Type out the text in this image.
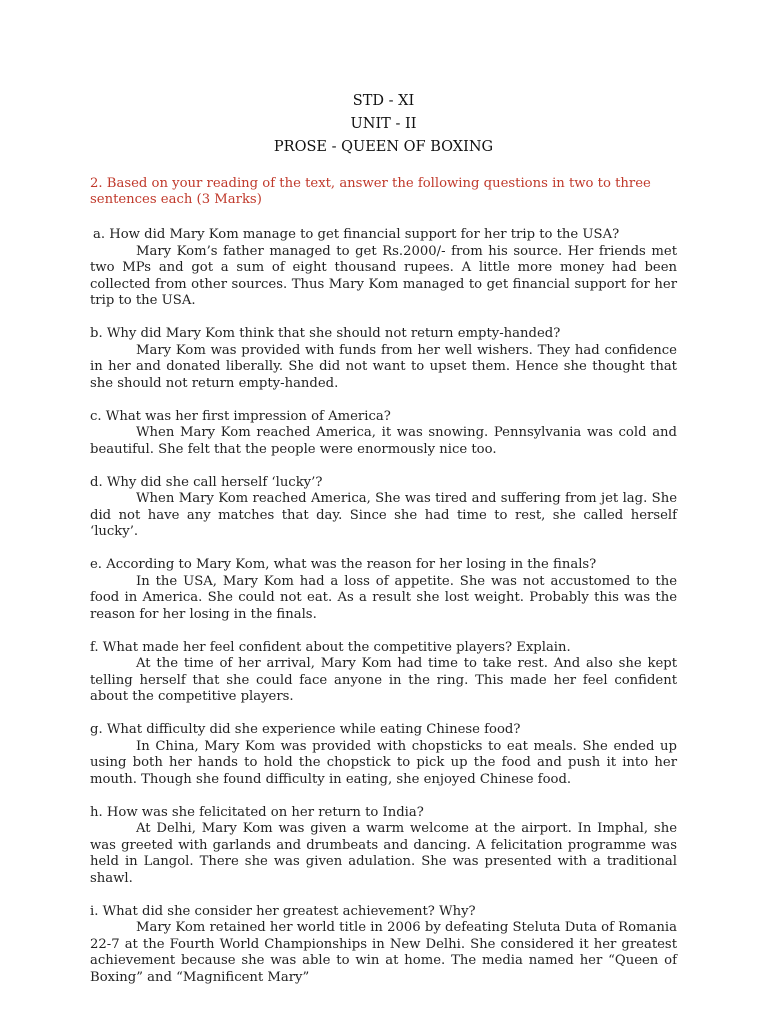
STD - XI
UNIT - II
PROSE - QUEEN OF BOXING
2. Based on your reading of the text, answer the following questions in two to three sentences each (3 Marks)
a. How did Mary Kom manage to get financial support for her trip to the USA?
Mary Kom’s father managed to get Rs.2000/- from his source. Her friends met two MPs and got a sum of eight thousand rupees. A little more money had been collected from other sources. Thus Mary Kom managed to get financial support for her trip to the USA.
b. Why did Mary Kom think that she should not return empty-handed?
Mary Kom was provided with funds from her well wishers. They had confidence in her and donated liberally. She did not want to upset them. Hence she thought that she should not return empty-handed.
c. What was her first impression of America?
When Mary Kom reached America, it was snowing. Pennsylvania was cold and beautiful. She felt that the people were enormously nice too.
d. Why did she call herself ‘lucky’?
When Mary Kom reached America, She was tired and suffering from jet lag. She did not have any matches that day. Since she had time to rest, she called herself ‘lucky’.
e. According to Mary Kom, what was the reason for her losing in the finals?
In the USA, Mary Kom had a loss of appetite. She was not accustomed to the food in America. She could not eat. As a result she lost weight. Probably this was the reason for her losing in the finals.
f. What made her feel confident about the competitive players? Explain.
At the time of her arrival, Mary Kom had time to take rest. And also she kept telling herself that she could face anyone in the ring. This made her feel confident about the competitive players.
g. What difficulty did she experience while eating Chinese food?
In China, Mary Kom was provided with chopsticks to eat meals. She ended up using both her hands to hold the chopstick to pick up the food and push it into her mouth. Though she found difficulty in eating, she enjoyed Chinese food.
h. How was she felicitated on her return to India?
At Delhi, Mary Kom was given a warm welcome at the airport. In Imphal, she was greeted with garlands and drumbeats and dancing. A felicitation programme was held in Langol. There she was given adulation. She was presented with a traditional shawl.
i. What did she consider her greatest achievement? Why?
Mary Kom retained her world title in 2006 by defeating Steluta Duta of Romania 22-7 at the Fourth World Championships in New Delhi. She considered it her greatest achievement because she was able to win at home. The media named her “Queen of Boxing” and “Magnificent Mary”
